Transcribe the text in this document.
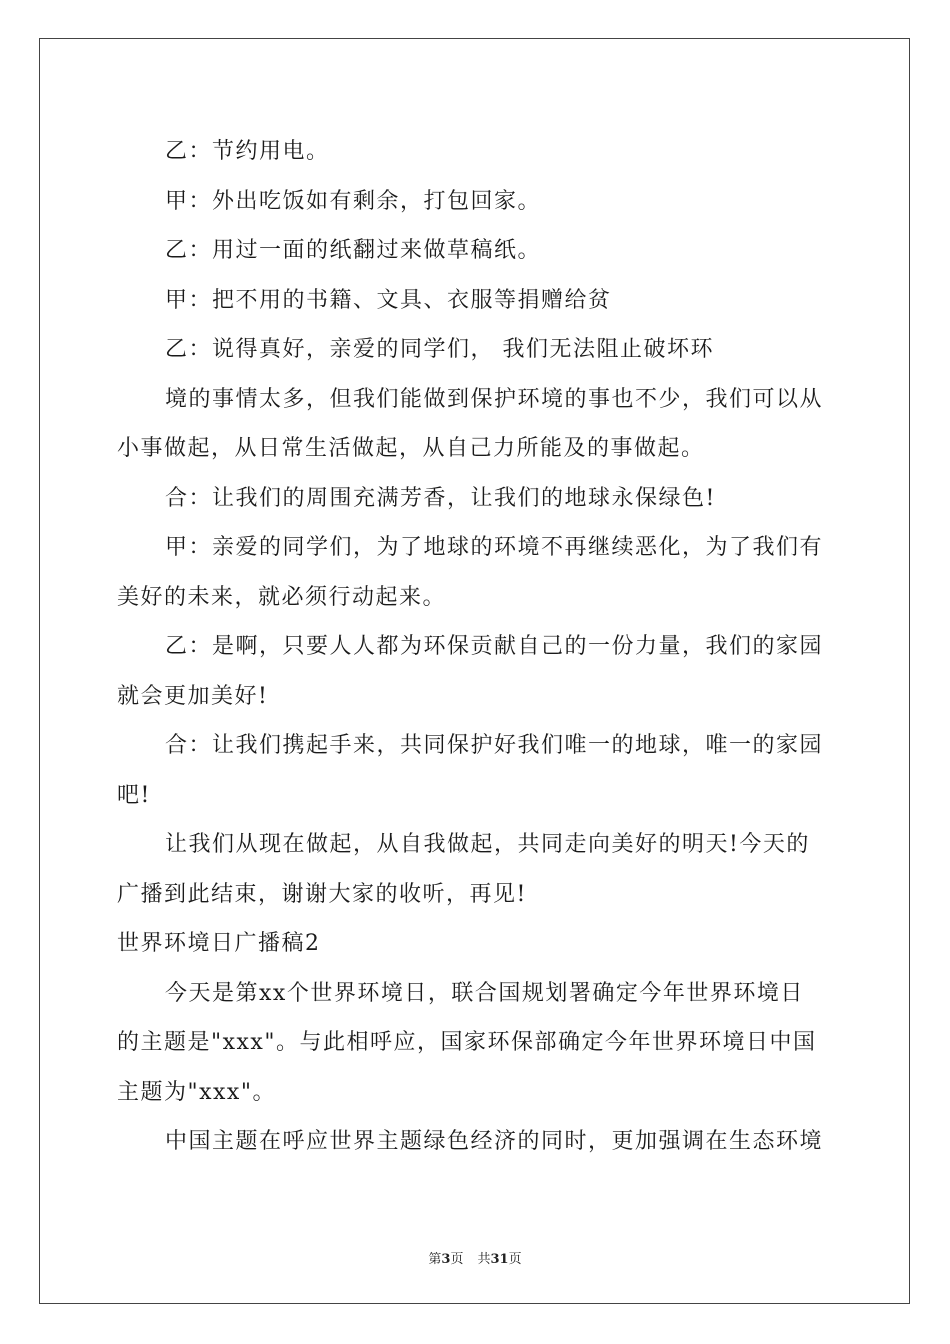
乙：节约用电。
甲：外出吃饭如有剩余，打包回家。
乙：用过一面的纸翻过来做草稿纸。
甲：把不用的书籍、文具、衣服等捐赠给贫
乙：说得真好，亲爱的同学们， 我们无法阻止破坏环
境的事情太多，但我们能做到保护环境的事也不少，我们可以从
小事做起，从日常生活做起，从自己力所能及的事做起。
合：让我们的周围充满芳香，让我们的地球永保绿色!
甲：亲爱的同学们，为了地球的环境不再继续恶化，为了我们有
美好的未来，就必须行动起来。
乙：是啊，只要人人都为环保贡献自己的一份力量，我们的家园
就会更加美好!
合：让我们携起手来，共同保护好我们唯一的地球，唯一的家园
吧!
让我们从现在做起，从自我做起，共同走向美好的明天!今天的
广播到此结束，谢谢大家的收听，再见!
世界环境日广播稿2
今天是第xx个世界环境日，联合国规划署确定今年世界环境日
的主题是"xxx"。与此相呼应，国家环保部确定今年世界环境日中国
主题为"xxx"。
中国主题在呼应世界主题绿色经济的同时，更加强调在生态环境
第3页 共31页
